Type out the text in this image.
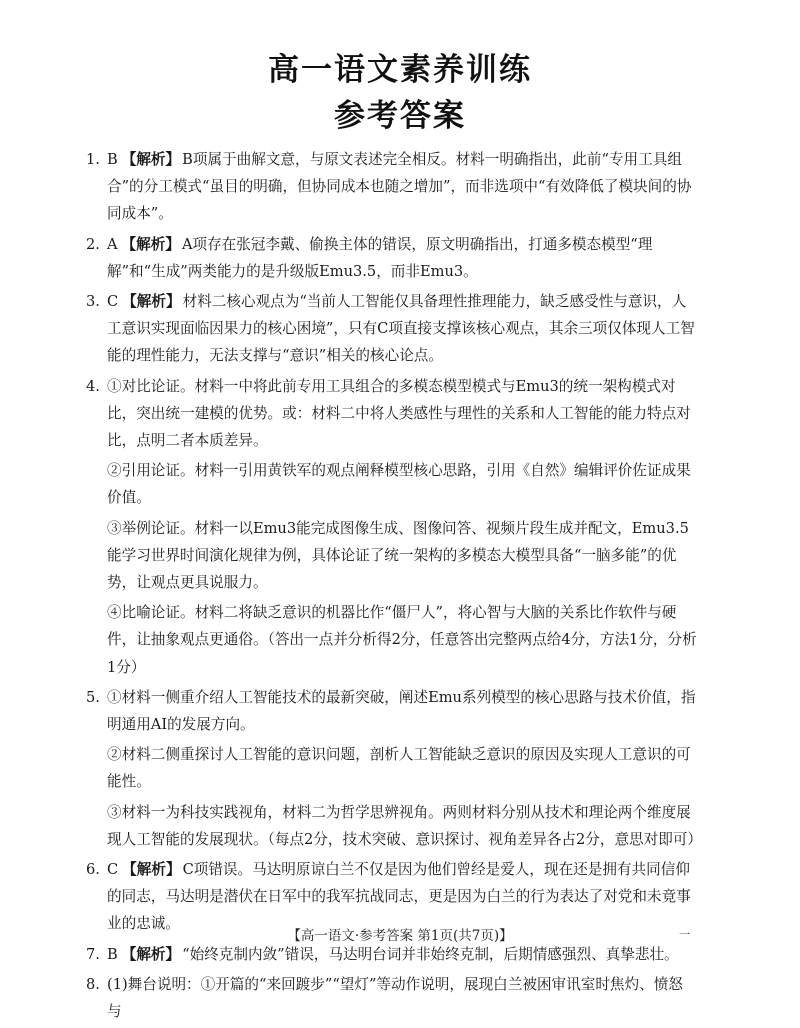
高一语文素养训练
参考答案
1. B 【解析】 B项属于曲解文意，与原文表述完全相反。材料一明确指出，此前“专用工具组合”的分工模式“虽目的明确，但协同成本也随之增加”，而非选项中“有效降低了模块间的协同成本”。
2. A 【解析】 A项存在张冠李戴、偷换主体的错误，原文明确指出，打通多模态模型“理解”和“生成”两类能力的是升级版Emu3.5，而非Emu3。
3. C 【解析】 材料二核心观点为“当前人工智能仅具备理性推理能力，缺乏感受性与意识，人工意识实现面临因果力的核心困境”，只有C项直接支撑该核心观点，其余三项仅体现人工智能的理性能力，无法支撑与“意识”相关的核心论点。
4. ①对比论证。材料一中将此前专用工具组合的多模态模型模式与Emu3的统一架构模式对比，突出统一建模的优势。或：材料二中将人类感性与理性的关系和人工智能的能力特点对比，点明二者本质差异。
②引用论证。材料一引用黄铁军的观点阐释模型核心思路，引用《自然》编辑评价佐证成果价值。
③举例论证。材料一以Emu3能完成图像生成、图像问答、视频片段生成并配文，Emu3.5能学习世界时间演化规律为例，具体论证了统一架构的多模态大模型具备“一脑多能”的优势，让观点更具说服力。
④比喻论证。材料二将缺乏意识的机器比作“僵尸人”，将心智与大脑的关系比作软件与硬件，让抽象观点更通俗。（答出一点并分析得2分，任意答出完整两点给4分，方法1分，分析1分）
5. ①材料一侧重介绍人工智能技术的最新突破，阐述Emu系列模型的核心思路与技术价值，指明通用AI的发展方向。
②材料二侧重探讨人工智能的意识问题，剖析人工智能缺乏意识的原因及实现人工意识的可能性。
③材料一为科技实践视角，材料二为哲学思辨视角。两则材料分别从技术和理论两个维度展现人工智能的发展现状。（每点2分，技术突破、意识探讨、视角差异各占2分，意思对即可）
6. C 【解析】 C项错误。马达明原谅白兰不仅是因为他们曾经是爱人，现在还是拥有共同信仰的同志，马达明是潜伏在日军中的我军抗战同志，更是因为白兰的行为表达了对党和未竟事业的忠诚。
7. B 【解析】 “始终克制内敛”错误，马达明台词并非始终克制，后期情感强烈、真挚悲壮。
8. (1)舞台说明：①开篇的“来回踱步”“望灯”等动作说明，展现白兰被困审讯室时焦灼、愤怒与
【高一语文·参考答案 第1页(共7页)】	一
